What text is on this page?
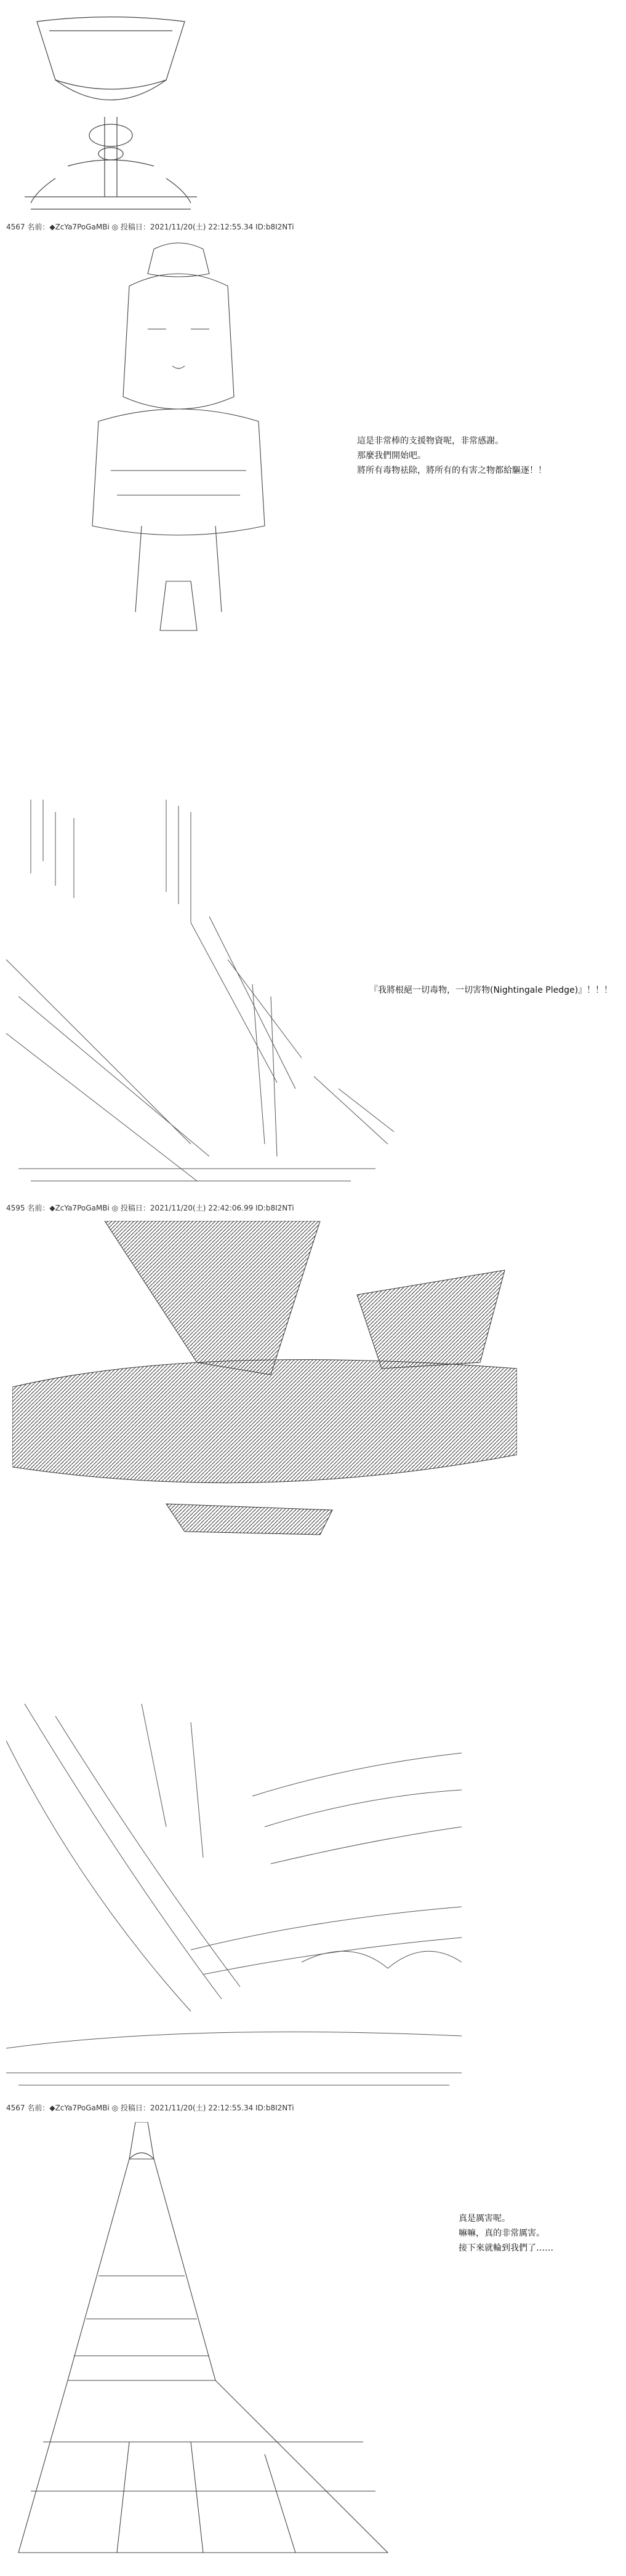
4567 名前：◆ZcYa7PoGaMBi ◎ 投稿日：2021/11/20(土) 22:12:55.34 ID:b8I2NTi
這是非常棒的支援物資呢，非常感謝。
那麼我們開始吧。
將所有毒物祛除，將所有的有害之物都給驅逐！！
『我將根絕一切毒物，一切害物(Nightingale Pledge)』！！！
4595 名前：◆ZcYa7PoGaMBi ◎ 投稿日：2021/11/20(土) 22:42:06.99 ID:b8I2NTi
4567 名前：◆ZcYa7PoGaMBi ◎ 投稿日：2021/11/20(土) 22:12:55.34 ID:b8I2NTi
真是厲害呢。
嘛嘛，真的非常厲害。
接下來就輪到我們了……
